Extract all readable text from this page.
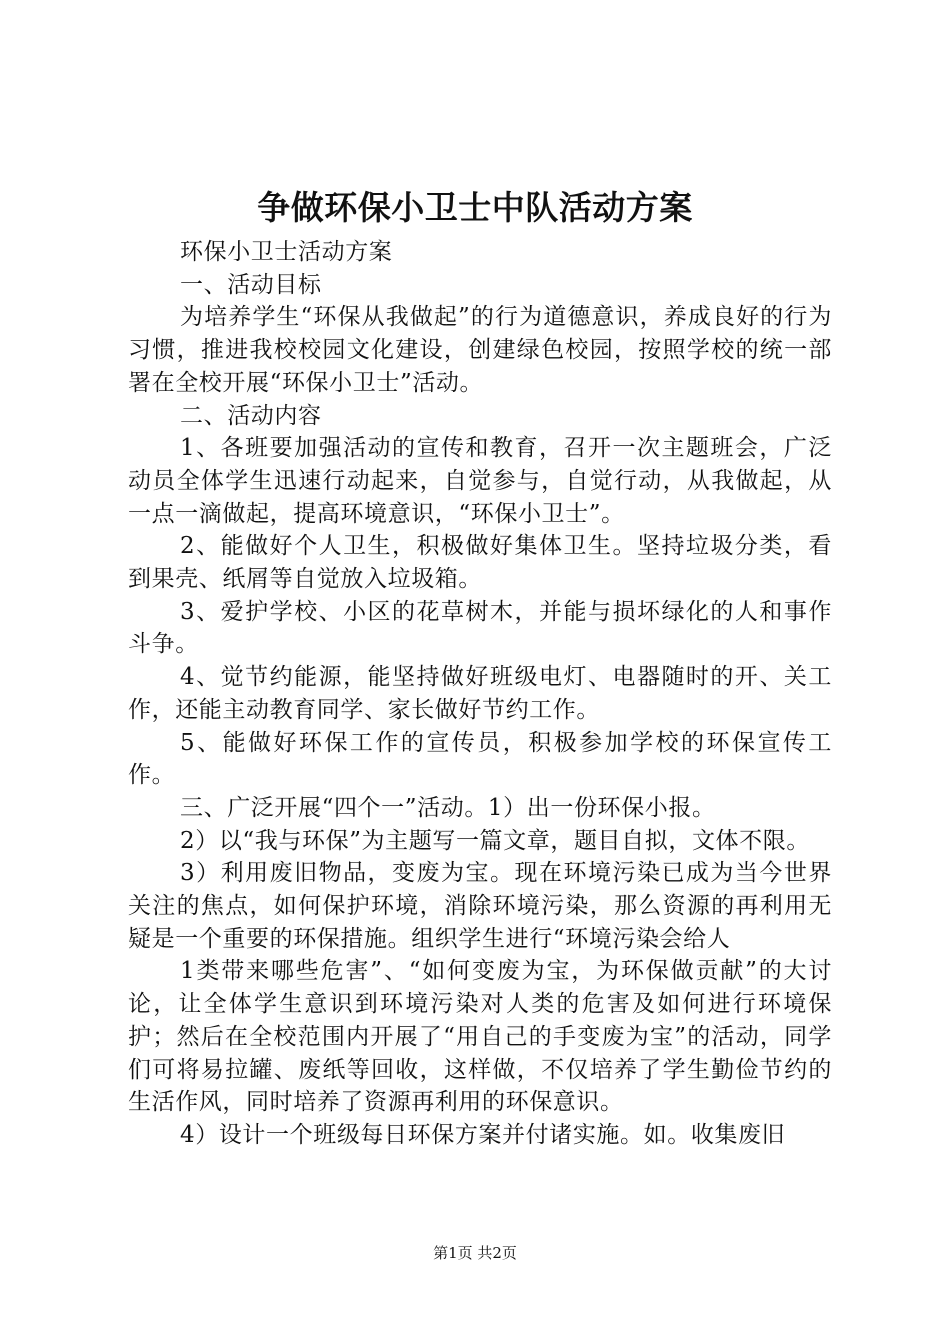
争做环保小卫士中队活动方案

环保小卫士活动方案

一、活动目标

为培养学生“环保从我做起”的行为道德意识，养成良好的行为习惯，推进我校校园文化建设，创建绿色校园，按照学校的统一部署在全校开展“环保小卫士”活动。

二、活动内容

1、各班要加强活动的宣传和教育，召开一次主题班会，广泛动员全体学生迅速行动起来，自觉参与，自觉行动，从我做起，从一点一滴做起，提高环境意识，“环保小卫士”。

2、能做好个人卫生，积极做好集体卫生。坚持垃圾分类，看到果壳、纸屑等自觉放入垃圾箱。

3、爱护学校、小区的花草树木，并能与损坏绿化的人和事作斗争。

4、觉节约能源，能坚持做好班级电灯、电器随时的开、关工作，还能主动教育同学、家长做好节约工作。

5、能做好环保工作的宣传员，积极参加学校的环保宣传工作。

三、广泛开展“四个一”活动。1）出一份环保小报。

2）以“我与环保”为主题写一篇文章，题目自拟，文体不限。

3）利用废旧物品，变废为宝。现在环境污染已成为当今世界关注的焦点，如何保护环境，消除环境污染，那么资源的再利用无疑是一个重要的环保措施。组织学生进行“环境污染会给人

1类带来哪些危害”、“如何变废为宝，为环保做贡献”的大讨论，让全体学生意识到环境污染对人类的危害及如何进行环境保护；然后在全校范围内开展了“用自己的手变废为宝”的活动，同学们可将易拉罐、废纸等回收，这样做，不仅培养了学生勤俭节约的生活作风，同时培养了资源再利用的环保意识。

4）设计一个班级每日环保方案并付诸实施。如。收集废旧

第1页 共2页
